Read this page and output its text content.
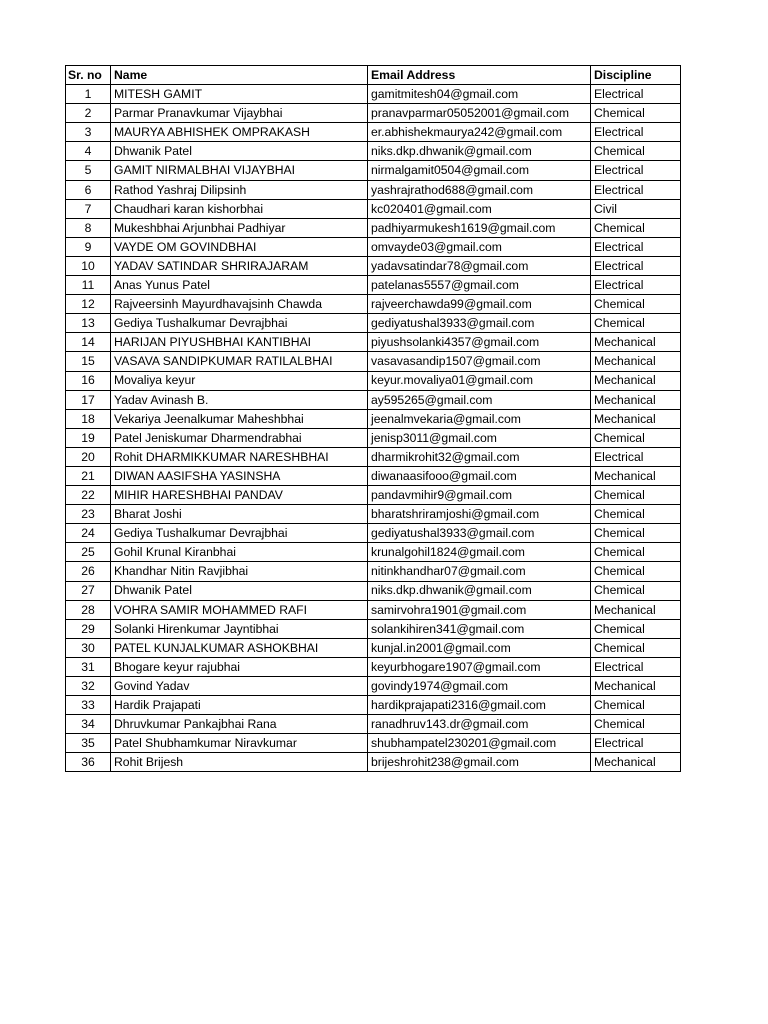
Sr. no	Name	Email Address	Discipline
1	MITESH GAMIT	gamitmitesh04@gmail.com	Electrical
2	Parmar Pranavkumar Vijaybhai	pranavparmar05052001@gmail.com	Chemical
3	MAURYA ABHISHEK OMPRAKASH	er.abhishekmaurya242@gmail.com	Electrical
4	Dhwanik Patel	niks.dkp.dhwanik@gmail.com	Chemical
5	GAMIT NIRMALBHAI VIJAYBHAI	nirmalgamit0504@gmail.com	Electrical
6	Rathod Yashraj Dilipsinh	yashrajrathod688@gmail.com	Electrical
7	Chaudhari karan kishorbhai	kc020401@gmail.com	Civil
8	Mukeshbhai Arjunbhai Padhiyar	padhiyarmukesh1619@gmail.com	Chemical
9	VAYDE OM GOVINDBHAI	omvayde03@gmail.com	Electrical
10	YADAV SATINDAR SHRIRAJARAM	yadavsatindar78@gmail.com	Electrical
11	Anas Yunus Patel	patelanas5557@gmail.com	Electrical
12	Rajveersinh Mayurdhavajsinh Chawda	rajveerchawda99@gmail.com	Chemical
13	Gediya Tushalkumar Devrajbhai	gediyatushal3933@gmail.com	Chemical
14	HARIJAN PIYUSHBHAI KANTIBHAI	piyushsolanki4357@gmail.com	Mechanical
15	VASAVA SANDIPKUMAR RATILALBHAI	vasavasandip1507@gmail.com	Mechanical
16	Movaliya keyur	keyur.movaliya01@gmail.com	Mechanical
17	Yadav Avinash B.	ay595265@gmail.com	Mechanical
18	Vekariya Jeenalkumar Maheshbhai	jeenalmvekaria@gmail.com	Mechanical
19	Patel Jeniskumar Dharmendrabhai	jenisp3011@gmail.com	Chemical
20	Rohit DHARMIKKUMAR NARESHBHAI	dharmikrohit32@gmail.com	Electrical
21	DIWAN AASIFSHA YASINSHA	diwanaasifooo@gmail.com	Mechanical
22	MIHIR HARESHBHAI PANDAV	pandavmihir9@gmail.com	Chemical
23	Bharat Joshi	bharatshriramjoshi@gmail.com	Chemical
24	Gediya Tushalkumar Devrajbhai	gediyatushal3933@gmail.com	Chemical
25	Gohil Krunal Kiranbhai	krunalgohil1824@gmail.com	Chemical
26	Khandhar Nitin Ravjibhai	nitinkhandhar07@gmail.com	Chemical
27	Dhwanik Patel	niks.dkp.dhwanik@gmail.com	Chemical
28	VOHRA SAMIR MOHAMMED RAFI	samirvohra1901@gmail.com	Mechanical
29	Solanki Hirenkumar Jayntibhai	solankihiren341@gmail.com	Chemical
30	PATEL KUNJALKUMAR ASHOKBHAI	kunjal.in2001@gmail.com	Chemical
31	Bhogare keyur rajubhai	keyurbhogare1907@gmail.com	Electrical
32	Govind Yadav	govindy1974@gmail.com	Mechanical
33	Hardik Prajapati	hardikprajapati2316@gmail.com	Chemical
34	Dhruvkumar Pankajbhai Rana	ranadhruv143.dr@gmail.com	Chemical
35	Patel Shubhamkumar Niravkumar	shubhampatel230201@gmail.com	Electrical
36	Rohit Brijesh	brijeshrohit238@gmail.com	Mechanical
